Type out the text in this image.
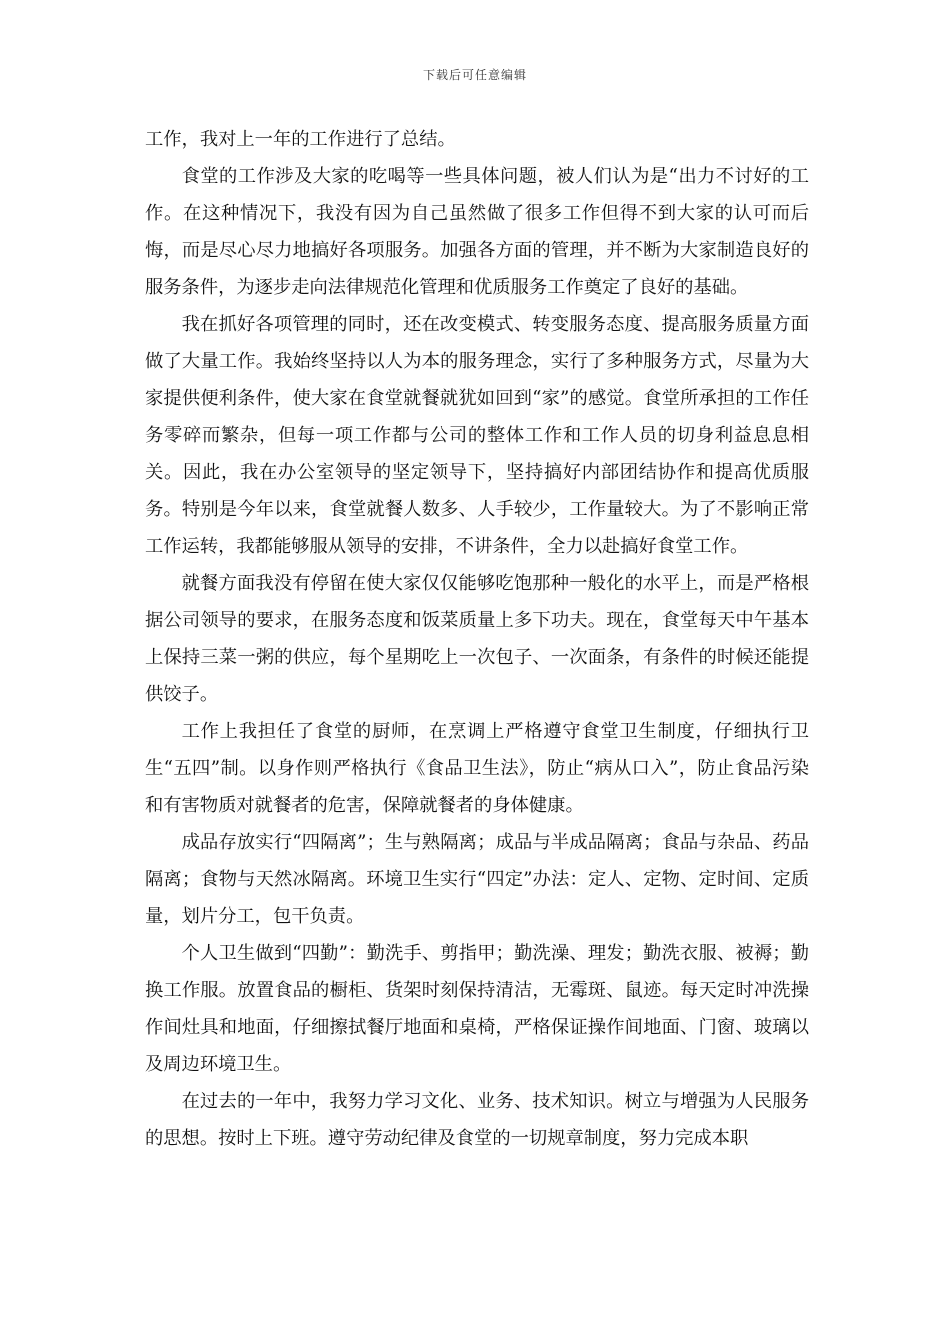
下载后可任意编辑

工作，我对上一年的工作进行了总结。

食堂的工作涉及大家的吃喝等一些具体问题，被人们认为是“出力不讨好的工作。在这种情况下，我没有因为自己虽然做了很多工作但得不到大家的认可而后悔，而是尽心尽力地搞好各项服务。加强各方面的管理，并不断为大家制造良好的服务条件，为逐步走向法律规范化管理和优质服务工作奠定了良好的基础。

我在抓好各项管理的同时，还在改变模式、转变服务态度、提高服务质量方面做了大量工作。我始终坚持以人为本的服务理念，实行了多种服务方式，尽量为大家提供便利条件，使大家在食堂就餐就犹如回到“家”的感觉。食堂所承担的工作任务零碎而繁杂，但每一项工作都与公司的整体工作和工作人员的切身利益息息相关。因此，我在办公室领导的坚定领导下，坚持搞好内部团结协作和提高优质服务。特别是今年以来，食堂就餐人数多、人手较少，工作量较大。为了不影响正常工作运转，我都能够服从领导的安排，不讲条件，全力以赴搞好食堂工作。

就餐方面我没有停留在使大家仅仅能够吃饱那种一般化的水平上，而是严格根据公司领导的要求，在服务态度和饭菜质量上多下功夫。现在，食堂每天中午基本上保持三菜一粥的供应，每个星期吃上一次包子、一次面条，有条件的时候还能提供饺子。

工作上我担任了食堂的厨师，在烹调上严格遵守食堂卫生制度，仔细执行卫生“五四”制。以身作则严格执行《食品卫生法》，防止“病从口入”，防止食品污染和有害物质对就餐者的危害，保障就餐者的身体健康。

成品存放实行“四隔离”；生与熟隔离；成品与半成品隔离；食品与杂品、药品隔离；食物与天然冰隔离。环境卫生实行“四定”办法：定人、定物、定时间、定质量，划片分工，包干负责。

个人卫生做到“四勤”：勤洗手、剪指甲；勤洗澡、理发；勤洗衣服、被褥；勤换工作服。放置食品的橱柜、货架时刻保持清洁，无霉斑、鼠迹。每天定时冲洗操作间灶具和地面，仔细擦拭餐厅地面和桌椅，严格保证操作间地面、门窗、玻璃以及周边环境卫生。

在过去的一年中，我努力学习文化、业务、技术知识。树立与增强为人民服务的思想。按时上下班。遵守劳动纪律及食堂的一切规章制度，努力完成本职
